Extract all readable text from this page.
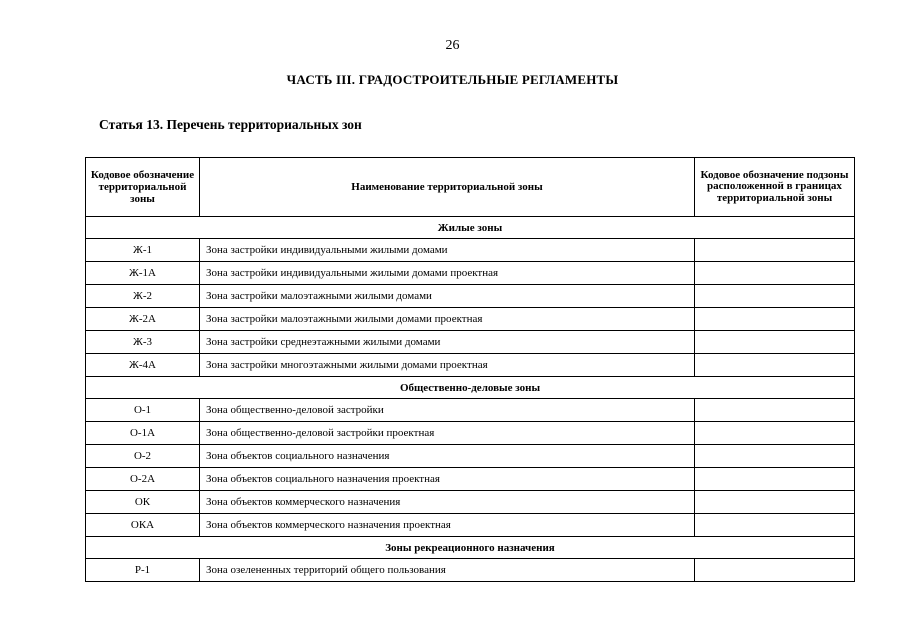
26
ЧАСТЬ III. ГРАДОСТРОИТЕЛЬНЫЕ РЕГЛАМЕНТЫ
Статья 13. Перечень территориальных зон
Кодовое обозначение территориальной зоны	Наименование территориальной зоны	Кодовое обозначение подзоны расположенной в границах территориальной зоны
Жилые зоны		
Ж-1	Зона застройки индивидуальными жилыми домами	
Ж-1А	Зона застройки индивидуальными жилыми домами проектная	
Ж-2	Зона застройки малоэтажными жилыми домами	
Ж-2А	Зона застройки малоэтажными жилыми домами проектная	
Ж-3	Зона застройки среднеэтажными жилыми домами	
Ж-4А	Зона застройки многоэтажными жилыми домами проектная	
Общественно-деловые зоны		
О-1	Зона общественно-деловой застройки	
О-1А	Зона общественно-деловой застройки проектная	
О-2	Зона объектов социального назначения	
О-2А	Зона объектов социального назначения проектная	
ОК	Зона объектов коммерческого назначения	
ОКА	Зона объектов коммерческого назначения проектная	
Зоны рекреационного назначения		
Р-1	Зона озелененных территорий общего пользования	
